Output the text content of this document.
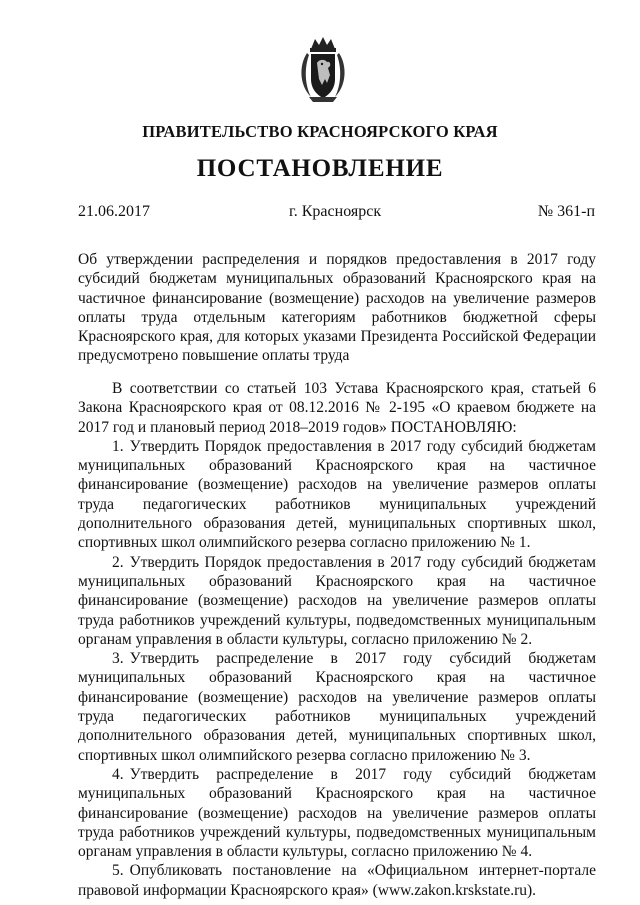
ПРАВИТЕЛЬСТВО КРАСНОЯРСКОГО КРАЯ
ПОСТАНОВЛЕНИЕ
21.06.2017	г. Красноярск	№ 361-п
Об утверждении распределения и порядков предоставления в 2017 году субсидий бюджетам муниципальных образований Красноярского края на частичное финансирование (возмещение) расходов на увеличение размеров оплаты труда отдельным категориям работников бюджетной сферы Красноярского края, для которых указами Президента Российской Федерации предусмотрено повышение оплаты труда

В соответствии со статьей 103 Устава Красноярского края, статьей 6 Закона Красноярского края от 08.12.2016 № 2-195 «О краевом бюджете на 2017 год и плановый период 2018–2019 годов» ПОСТАНОВЛЯЮ:

1. Утвердить Порядок предоставления в 2017 году субсидий бюджетам муниципальных образований Красноярского края на частичное финансирование (возмещение) расходов на увеличение размеров оплаты труда педагогических работников муниципальных учреждений дополнительного образования детей, муниципальных спортивных школ, спортивных школ олимпийского резерва согласно приложению № 1.

2. Утвердить Порядок предоставления в 2017 году субсидий бюджетам муниципальных образований Красноярского края на частичное финансирование (возмещение) расходов на увеличение размеров оплаты труда работников учреждений культуры, подведомственных муниципальным органам управления в области культуры, согласно приложению № 2.

3. Утвердить распределение в 2017 году субсидий бюджетам муниципальных образований Красноярского края на частичное финансирование (возмещение) расходов на увеличение размеров оплаты труда педагогических работников муниципальных учреждений дополнительного образования детей, муниципальных спортивных школ, спортивных школ олимпийского резерва согласно приложению № 3.

4. Утвердить распределение в 2017 году субсидий бюджетам муниципальных образований Красноярского края на частичное финансирование (возмещение) расходов на увеличение размеров оплаты труда работников учреждений культуры, подведомственных муниципальным органам управления в области культуры, согласно приложению № 4.

5. Опубликовать постановление на «Официальном интернет-портале правовой информации Красноярского края» (www.zakon.krskstate.ru).
